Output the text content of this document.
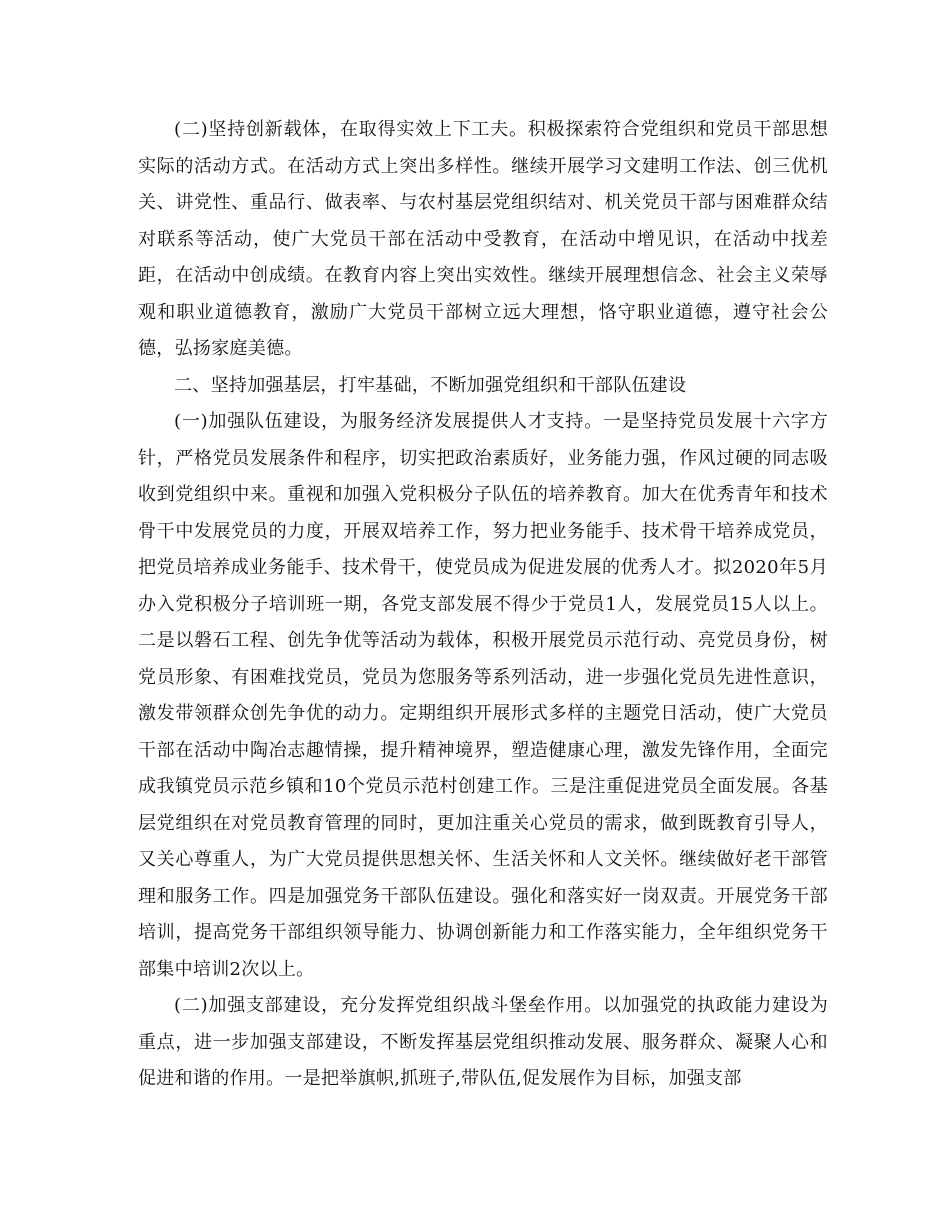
(二)坚持创新载体，在取得实效上下工夫。积极探索符合党组织和党员干部思想实际的活动方式。在活动方式上突出多样性。继续开展学习文建明工作法、创三优机关、讲党性、重品行、做表率、与农村基层党组织结对、机关党员干部与困难群众结对联系等活动，使广大党员干部在活动中受教育，在活动中增见识，在活动中找差距，在活动中创成绩。在教育内容上突出实效性。继续开展理想信念、社会主义荣辱观和职业道德教育，激励广大党员干部树立远大理想，恪守职业道德，遵守社会公德，弘扬家庭美德。

二、坚持加强基层，打牢基础，不断加强党组织和干部队伍建设

(一)加强队伍建设，为服务经济发展提供人才支持。一是坚持党员发展十六字方针，严格党员发展条件和程序，切实把政治素质好，业务能力强，作风过硬的同志吸收到党组织中来。重视和加强入党积极分子队伍的培养教育。加大在优秀青年和技术骨干中发展党员的力度，开展双培养工作，努力把业务能手、技术骨干培养成党员，把党员培养成业务能手、技术骨干，使党员成为促进发展的优秀人才。拟2020年5月办入党积极分子培训班一期，各党支部发展不得少于党员1人，发展党员15人以上。二是以磐石工程、创先争优等活动为载体，积极开展党员示范行动、亮党员身份，树党员形象、有困难找党员，党员为您服务等系列活动，进一步强化党员先进性意识，激发带领群众创先争优的动力。定期组织开展形式多样的主题党日活动，使广大党员干部在活动中陶冶志趣情操，提升精神境界，塑造健康心理，激发先锋作用，全面完成我镇党员示范乡镇和10个党员示范村创建工作。三是注重促进党员全面发展。各基层党组织在对党员教育管理的同时，更加注重关心党员的需求，做到既教育引导人，又关心尊重人，为广大党员提供思想关怀、生活关怀和人文关怀。继续做好老干部管理和服务工作。四是加强党务干部队伍建设。强化和落实好一岗双责。开展党务干部培训，提高党务干部组织领导能力、协调创新能力和工作落实能力，全年组织党务干部集中培训2次以上。

(二)加强支部建设，充分发挥党组织战斗堡垒作用。以加强党的执政能力建设为重点，进一步加强支部建设，不断发挥基层党组织推动发展、服务群众、凝聚人心和促进和谐的作用。一是把举旗帜,抓班子,带队伍,促发展作为目标，加强支部
